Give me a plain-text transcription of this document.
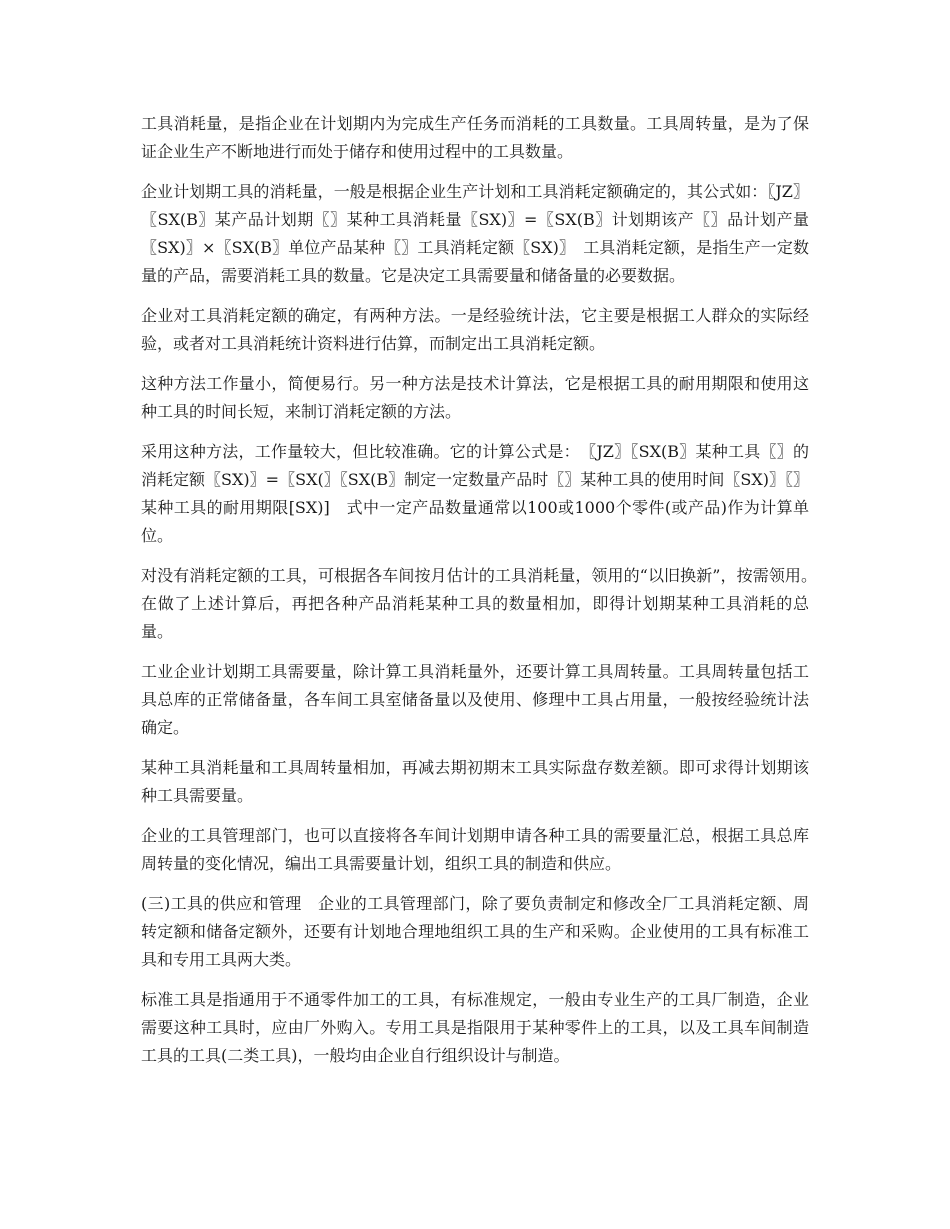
工具消耗量，是指企业在计划期内为完成生产任务而消耗的工具数量。工具周转量，是为了保证企业生产不断地进行而处于储存和使用过程中的工具数量。

企业计划期工具的消耗量，一般是根据企业生产计划和工具消耗定额确定的，其公式如：〖JZ〗〖SX(B〗某产品计划期〖〗某种工具消耗量〖SX)〗=〖SX(B〗计划期该产〖〗品计划产量〖SX)〗×〖SX(B〗单位产品某种〖〗工具消耗定额〖SX)〗　工具消耗定额，是指生产一定数量的产品，需要消耗工具的数量。它是决定工具需要量和储备量的必要数据。

企业对工具消耗定额的确定，有两种方法。一是经验统计法，它主要是根据工人群众的实际经验，或者对工具消耗统计资料进行估算，而制定出工具消耗定额。

这种方法工作量小，简便易行。另一种方法是技术计算法，它是根据工具的耐用期限和使用这种工具的时间长短，来制订消耗定额的方法。

采用这种方法，工作量较大，但比较准确。它的计算公式是：　〖JZ〗〖SX(B〗某种工具〖〗的消耗定额〖SX)〗=〖SX(〗〖SX(B〗制定一定数量产品时〖〗某种工具的使用时间〖SX)〗〖〗某种工具的耐用期限[SX)]　式中一定产品数量通常以100或1000个零件(或产品)作为计算单位。

对没有消耗定额的工具，可根据各车间按月估计的工具消耗量，领用的“以旧换新”，按需领用。　在做了上述计算后，再把各种产品消耗某种工具的数量相加，即得计划期某种工具消耗的总量。

工业企业计划期工具需要量，除计算工具消耗量外，还要计算工具周转量。工具周转量包括工具总库的正常储备量，各车间工具室储备量以及使用、修理中工具占用量，一般按经验统计法确定。

某种工具消耗量和工具周转量相加，再减去期初期末工具实际盘存数差额。即可求得计划期该种工具需要量。

企业的工具管理部门，也可以直接将各车间计划期申请各种工具的需要量汇总，根据工具总库周转量的变化情况，编出工具需要量计划，组织工具的制造和供应。

(三)工具的供应和管理　企业的工具管理部门，除了要负责制定和修改全厂工具消耗定额、周转定额和储备定额外，还要有计划地合理地组织工具的生产和采购。企业使用的工具有标准工具和专用工具两大类。

标准工具是指通用于不通零件加工的工具，有标准规定，一般由专业生产的工具厂制造，企业需要这种工具时，应由厂外购入。专用工具是指限用于某种零件上的工具，以及工具车间制造工具的工具(二类工具)，一般均由企业自行组织设计与制造。
